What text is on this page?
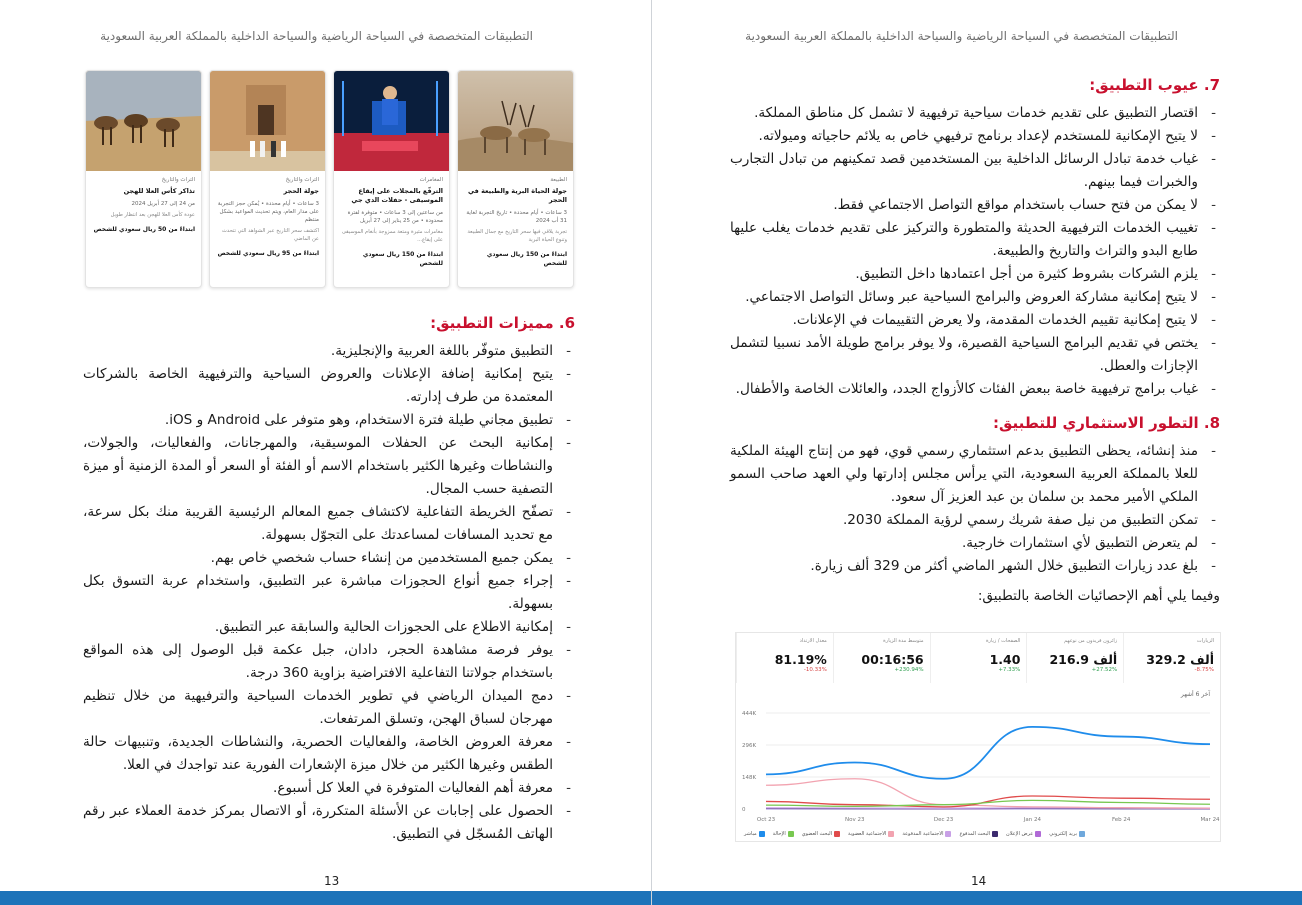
التطبيقات المتخصصة في السياحة الرياضية والسياحة الداخلية بالمملكة العربية السعودية
7. عيوب التطبيق:
- اقتصار التطبيق على تقديم خدمات سياحية ترفيهية لا تشمل كل مناطق المملكة.
- لا يتيح الإمكانية للمستخدم لإعداد برنامج ترفيهي خاص به يلائم حاجياته وميولاته.
- غياب خدمة تبادل الرسائل الداخلية بين المستخدمين قصد تمكينهم من تبادل التجارب والخبرات فيما بينهم.
- لا يمكن من فتح حساب باستخدام مواقع التواصل الاجتماعي فقط.
- تغييب الخدمات الترفيهية الحديثة والمتطورة والتركيز على تقديم خدمات يغلب عليها طابع البدو والتراث والتاريخ والطبيعة.
- يلزم الشركات بشروط كثيرة من أجل اعتمادها داخل التطبيق.
- لا يتيح إمكانية مشاركة العروض والبرامج السياحية عبر وسائل التواصل الاجتماعي.
- لا يتيح إمكانية تقييم الخدمات المقدمة، ولا يعرض التقييمات في الإعلانات.
- يختص في تقديم البرامج السياحية القصيرة، ولا يوفر برامج طويلة الأمد نسبيا لتشمل الإجازات والعطل.
- غياب برامج ترفيهية خاصة ببعض الفئات كالأزواج الجدد، والعائلات الخاصة والأطفال.
8. التطور الاستثماري للتطبيق:
- منذ إنشائه، يحظى التطبيق بدعم استثماري رسمي قوي، فهو من إنتاج الهيئة الملكية للعلا بالمملكة العربية السعودية، التي يرأس مجلس إدارتها ولي العهد صاحب السمو الملكي الأمير محمد بن سلمان بن عبد العزيز آل سعود.
- تمكن التطبيق من نيل صفة شريك رسمي لرؤية المملكة 2030.
- لم يتعرض التطبيق لأي استثمارات خارجية.
- بلغ عدد زيارات التطبيق خلال الشهر الماضي أكثر من 329 ألف زيارة.
وفيما يلي أهم الإحصائيات الخاصة بالتطبيق:
الزيارات
329.2 ألف
-8.75%
زائرون فريدون من نوعهم
216.9 ألف
+27.52%
الصفحات / زيارة
1.40
+7.33%
متوسط مدة الزيارة
00:16:56
+230.94%
معدل الارتداد
81.19%
-10.33%
آخر 6 أشهر
444K
296K
148K
0
Oct 23	Nov 23	Dec 23	Jan 24	Feb 24	Mar 24
مباشر	الإحالة	البحث العضوي	الاجتماعية العضوية	الاجتماعية المدفوعة	البحث المدفوع	عرض الإعلان	بريد إلكتروني
14
التطبيقات المتخصصة في السياحة الرياضية والسياحة الداخلية بالمملكة العربية السعودية
الطبيعة
جولة الحياة البرية والطبيعة في الحجر
3 ساعات • أيام محددة • تاريخ التجربة لغاية 31 أب 2024
تجربة يلاقي فيها سحر التاريخ مع جمال الطبيعة وتنوع الحياة البرية
ابتداءً من 150 ريال سعودي للشخص
المغامرات
الترفّع بالمجلات على إيقاع الموسيقى - حفلات الدي جي
من ساعتين إلى 3 ساعات • متوفرة لفترة محدودة • من 25 يناير إلى 27 أبريل
مغامرات مثيرة ومتعة ممزوجة بأنغام الموسيقى على إيقاع...
ابتداءً من 150 ريال سعودي للشخص
التراث والتاريخ
جولة الحجر
3 ساعات • أيام محددة • يُمكن حجز التجربة على مدار العام، ويتم تحديث المواعيد بشكل منتظم
اكتشف سحر التاريخ عبر الشواهد التي تتحدث عن الماضي
ابتداءً من 95 ريال سعودي للشخص
التراث والتاريخ
تذاكر كأس العلا للهجن
من 24 إلى 27 أبريل 2024
عودة كأس العلا للهجن بعد انتظار طويل
ابتداءً من 50 ريال سعودي للشخص
6. مميزات التطبيق:
- التطبيق متوفّر باللغة العربية والإنجليزية.
- يتيح إمكانية إضافة الإعلانات والعروض السياحية والترفيهية الخاصة بالشركات المعتمدة من طرف إدارته.
- تطبيق مجاني طيلة فترة الاستخدام، وهو متوفر على Android و iOS.
- إمكانية البحث عن الحفلات الموسيقية، والمهرجانات، والفعاليات، والجولات، والنشاطات وغيرها الكثير باستخدام الاسم أو الفئة أو السعر أو المدة الزمنية أو ميزة التصفية حسب المجال.
- تصفّح الخريطة التفاعلية لاكتشاف جميع المعالم الرئيسية القريبة منك بكل سرعة، مع تحديد المسافات لمساعدتك على التجوّل بسهولة.
- يمكن جميع المستخدمين من إنشاء حساب شخصي خاص بهم.
- إجراء جميع أنواع الحجوزات مباشرة عبر التطبيق، واستخدام عربة التسوق بكل بسهولة.
- إمكانية الاطلاع على الحجوزات الحالية والسابقة عبر التطبيق.
- يوفر فرصة مشاهدة الحجر، دادان، جبل عكمة قبل الوصول إلى هذه المواقع باستخدام جولاتنا التفاعلية الافتراضية بزاوية 360 درجة.
- دمج الميدان الرياضي في تطوير الخدمات السياحية والترفيهية من خلال تنظيم مهرجان لسباق الهجن، وتسلق المرتفعات.
- معرفة العروض الخاصة، والفعاليات الحصرية، والنشاطات الجديدة، وتنبيهات حالة الطقس وغيرها الكثير من خلال ميزة الإشعارات الفورية عند تواجدك في العلا.
- معرفة أهم الفعاليات المتوفرة في العلا كل أسبوع.
- الحصول على إجابات عن الأسئلة المتكررة، أو الاتصال بمركز خدمة العملاء عبر رقم الهاتف المُسجّل في التطبيق.
13
